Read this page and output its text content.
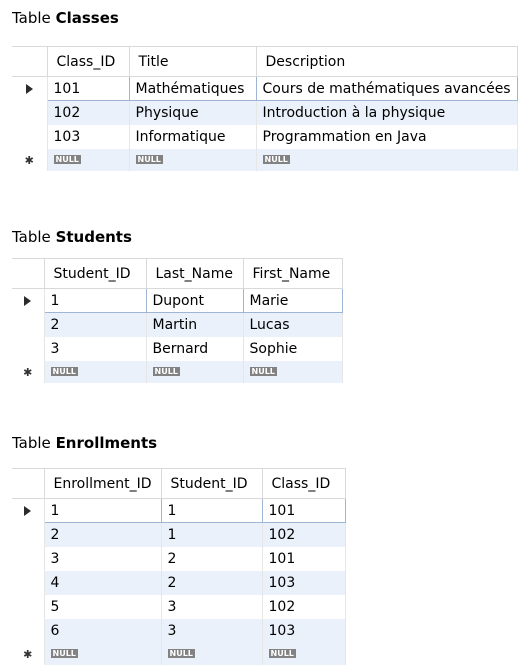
Table Classes
	Class_ID	Title	Description
	101	Mathématiques	Cours de mathématiques avancées
	102	Physique	Introduction à la physique
	103	Informatique	Programmation en Java
✱	NULL	NULL	NULL
Table Students
	Student_ID	Last_Name	First_Name
	1	Dupont	Marie
	2	Martin	Lucas
	3	Bernard	Sophie
✱	NULL	NULL	NULL
Table Enrollments
	Enrollment_ID	Student_ID	Class_ID
	1	1	101
	2	1	102
	3	2	101
	4	2	103
	5	3	102
	6	3	103
✱	NULL	NULL	NULL
